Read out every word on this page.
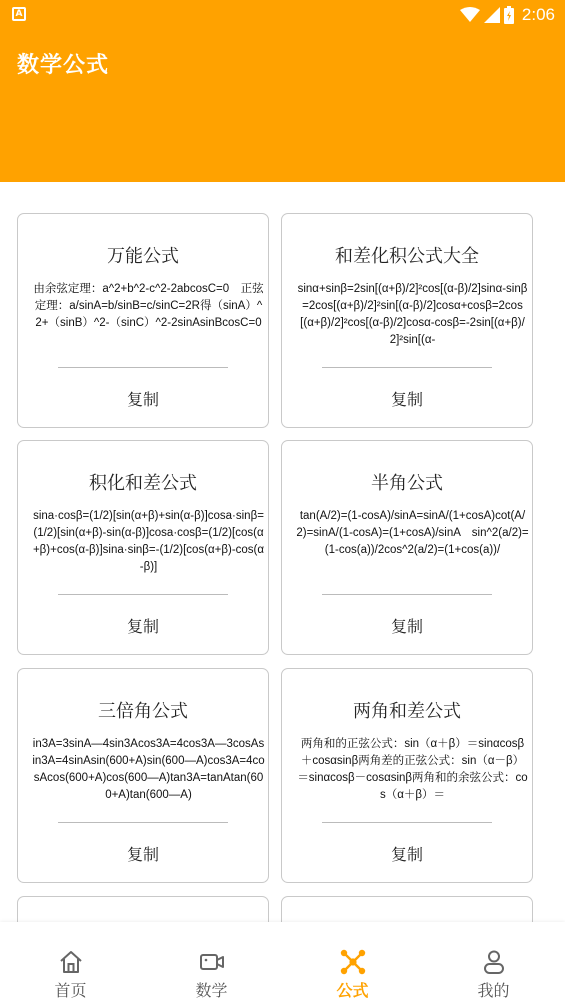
A	2:06
数学公式
万能公式
由余弦定理：a^2+b^2-c^2-2abcosC=0　正弦定理：a/sinA=b/sinB=c/sinC=2R得（sinA）^2+（sinB）^2-（sinC）^2-2sinAsinBcosC=0
复制
和差化积公式大全
sinα+sinβ=2sin[(α+β)/2]²cos[(α-β)/2]sinα-sinβ=2cos[(α+β)/2]²sin[(α-β)/2]cosα+cosβ=2cos[(α+β)/2]²cos[(α-β)/2]cosα-cosβ=-2sin[(α+β)/2]²sin[(α-
复制
积化和差公式
sina·cosβ=(1/2)[sin(α+β)+sin(α-β)]cosa·sinβ=(1/2)[sin(α+β)-sin(α-β)]cosa·cosβ=(1/2)[cos(α+β)+cos(α-β)]sina·sinβ=-(1/2)[cos(α+β)-cos(α-β)]
复制
半角公式
tan(A/2)=(1-cosA)/sinA=sinA/(1+cosA)cot(A/2)=sinA/(1-cosA)=(1+cosA)/sinA　sin^2(a/2)=(1-cos(a))/2cos^2(a/2)=(1+cos(a))/
复制
三倍角公式
in3A=3sinA—4sin3Acos3A=4cos3A—3cosAsin3A=4sinAsin(600+A)sin(600—A)cos3A=4cosAcos(600+A)cos(600—A)tan3A=tanAtan(600+A)tan(600—A)
复制
两角和差公式
两角和的正弦公式：sin（α＋β）＝sinαcosβ＋cosαsinβ两角差的正弦公式：sin（α－β）＝sinαcosβ－cosαsinβ两角和的余弦公式：cos（α＋β）＝
复制
首页	数学	公式	我的
